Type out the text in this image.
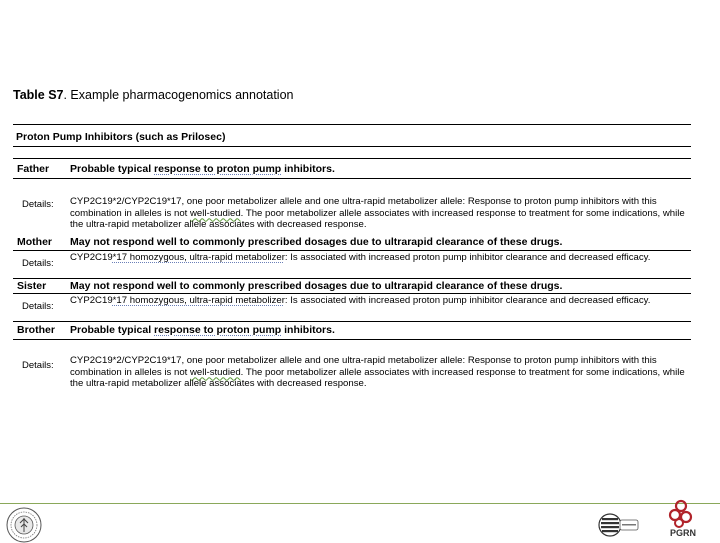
Table S7. Example pharmacogenomics annotation
Proton Pump Inhibitors (such as Prilosec)
Father Probable typical response to proton pump inhibitors.
Details: CYP2C19*2/CYP2C19*17, one poor metabolizer allele and one ultra-rapid metabolizer allele: Response to proton pump inhibitors with this combination in alleles is not well-studied. The poor metabolizer allele associates with increased response to treatment for some indications, while the ultra-rapid metabolizer allele associates with decreased response.
Mother May not respond well to commonly prescribed dosages due to ultrarapid clearance of these drugs.
Details:
CYP2C19*17 homozygous, ultra-rapid metabolizer: Is associated with increased proton pump inhibitor clearance and decreased efficacy.
Sister May not respond well to commonly prescribed dosages due to ultrarapid clearance of these drugs.
Details:
CYP2C19*17 homozygous, ultra-rapid metabolizer: Is associated with increased proton pump inhibitor clearance and decreased efficacy.
Brother Probable typical response to proton pump inhibitors.
Details: CYP2C19*2/CYP2C19*17, one poor metabolizer allele and one ultra-rapid metabolizer allele: Response to proton pump inhibitors with this combination in alleles is not well-studied. The poor metabolizer allele associates with increased response to treatment for some indications, while the ultra-rapid metabolizer allele associates with decreased response.
PGRN
